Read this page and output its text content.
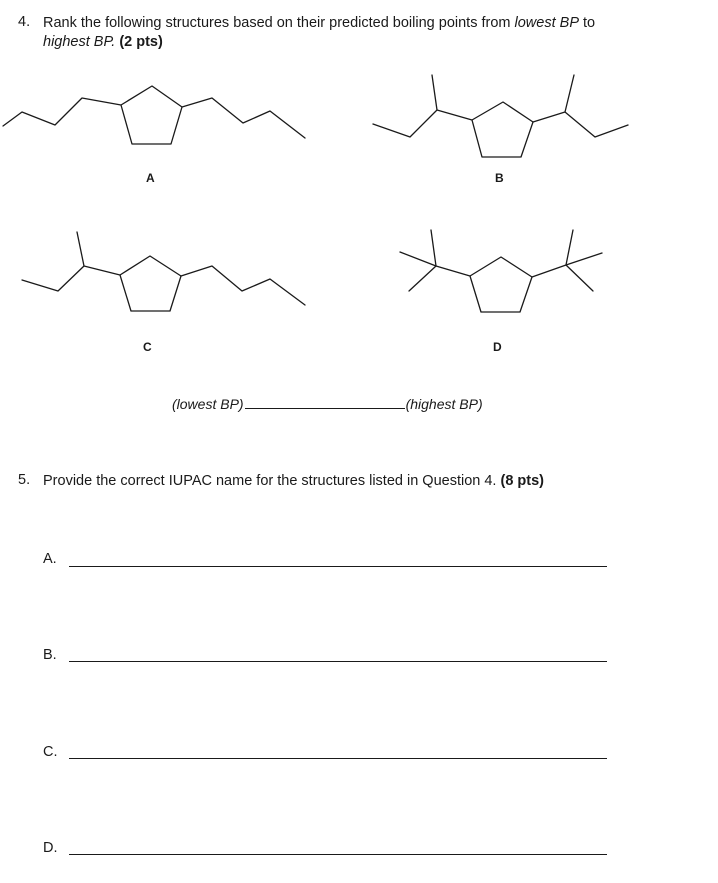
4. Rank the following structures based on their predicted boiling points from lowest BP to
highest BP. (2 pts)
A	B
C	D
(lowest BP)	(highest BP)
5. Provide the correct IUPAC name for the structures listed in Question 4. (8 pts)
A.
B.
C.
D.
